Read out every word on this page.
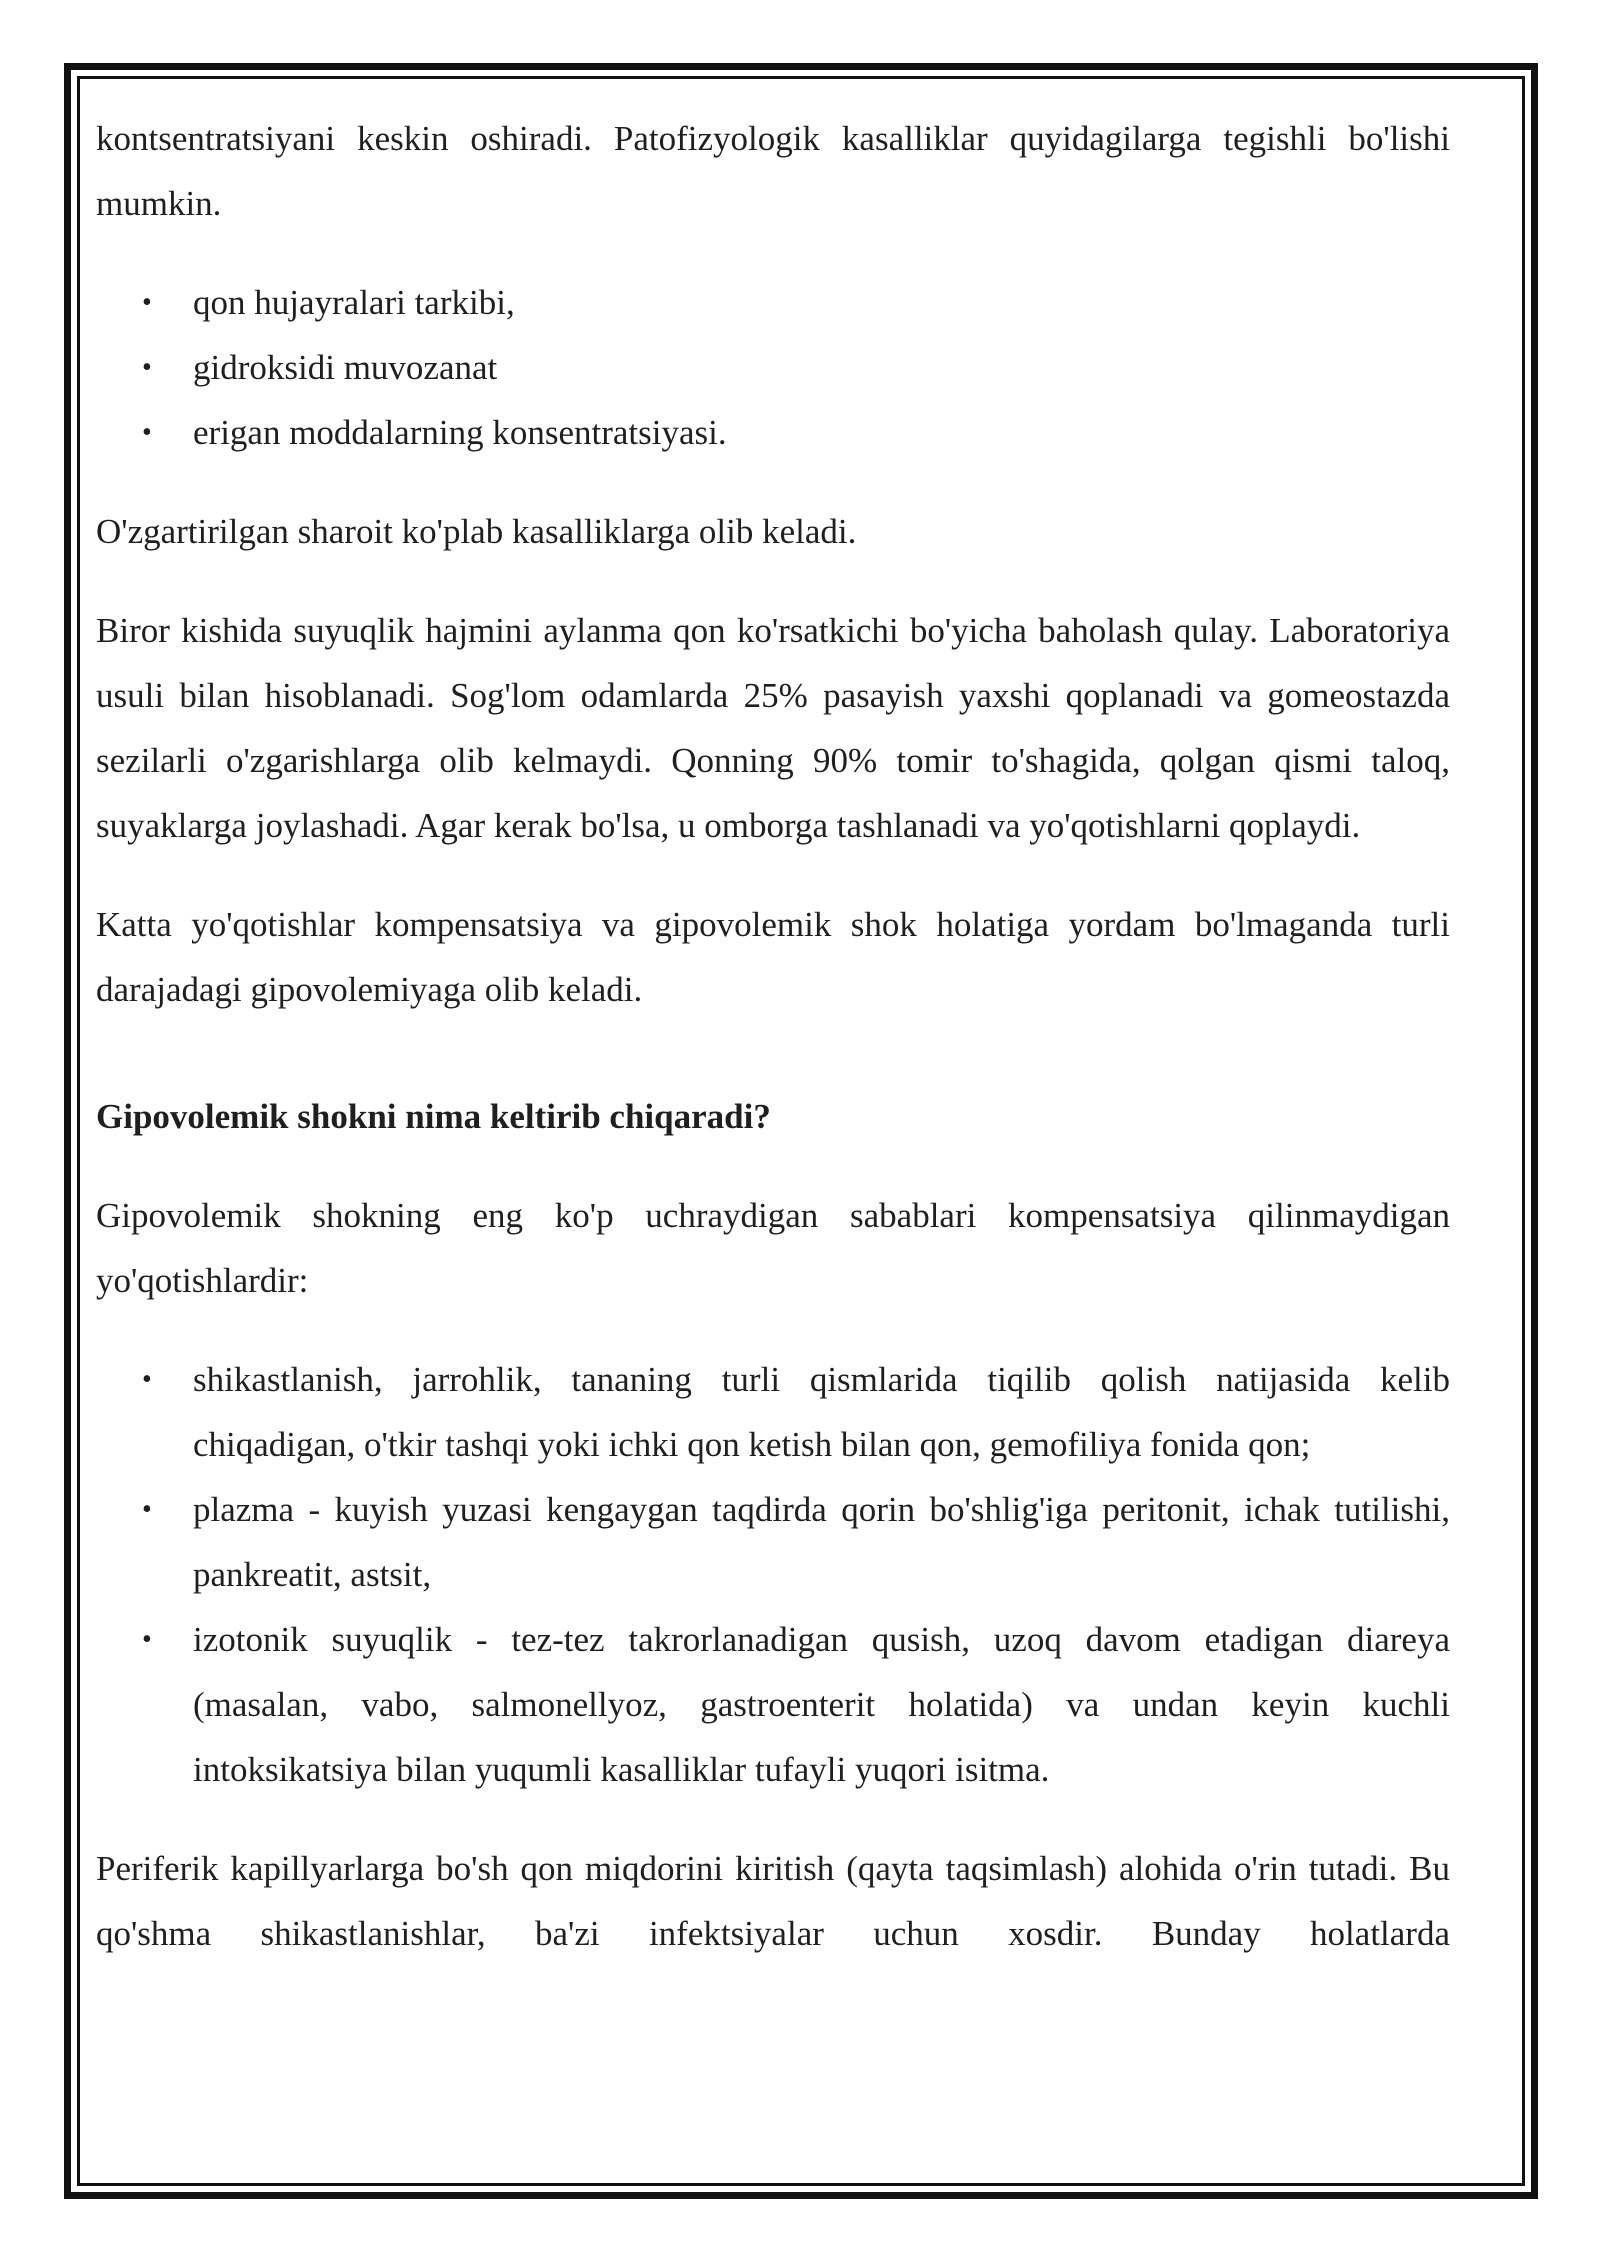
kontsentratsiyani keskin oshiradi. Patofizyologik kasalliklar quyidagilarga tegishli bo'lishi mumkin.

• qon hujayralari tarkibi,
• gidroksidi muvozanat
• erigan moddalarning konsentratsiyasi.

O'zgartirilgan sharoit ko'plab kasalliklarga olib keladi.

Biror kishida suyuqlik hajmini aylanma qon ko'rsatkichi bo'yicha baholash qulay. Laboratoriya usuli bilan hisoblanadi. Sog'lom odamlarda 25% pasayish yaxshi qoplanadi va gomeostazda sezilarli o'zgarishlarga olib kelmaydi. Qonning 90% tomir to'shagida, qolgan qismi taloq, suyaklarga joylashadi. Agar kerak bo'lsa, u omborga tashlanadi va yo'qotishlarni qoplaydi.

Katta yo'qotishlar kompensatsiya va gipovolemik shok holatiga yordam bo'lmaganda turli darajadagi gipovolemiyaga olib keladi.

Gipovolemik shokni nima keltirib chiqaradi?

Gipovolemik shokning eng ko'p uchraydigan sabablari kompensatsiya qilinmaydigan yo'qotishlardir:

• shikastlanish, jarrohlik, tananing turli qismlarida tiqilib qolish natijasida kelib chiqadigan, o'tkir tashqi yoki ichki qon ketish bilan qon, gemofiliya fonida qon;
• plazma - kuyish yuzasi kengaygan taqdirda qorin bo'shlig'iga peritonit, ichak tutilishi, pankreatit, astsit,
• izotonik suyuqlik - tez-tez takrorlanadigan qusish, uzoq davom etadigan diareya (masalan, vabo, salmonellyoz, gastroenterit holatida) va undan keyin kuchli intoksikatsiya bilan yuqumli kasalliklar tufayli yuqori isitma.

Periferik kapillyarlarga bo'sh qon miqdorini kiritish (qayta taqsimlash) alohida o'rin tutadi. Bu qo'shma shikastlanishlar, ba'zi infektsiyalar uchun xosdir. Bunday holatlarda
